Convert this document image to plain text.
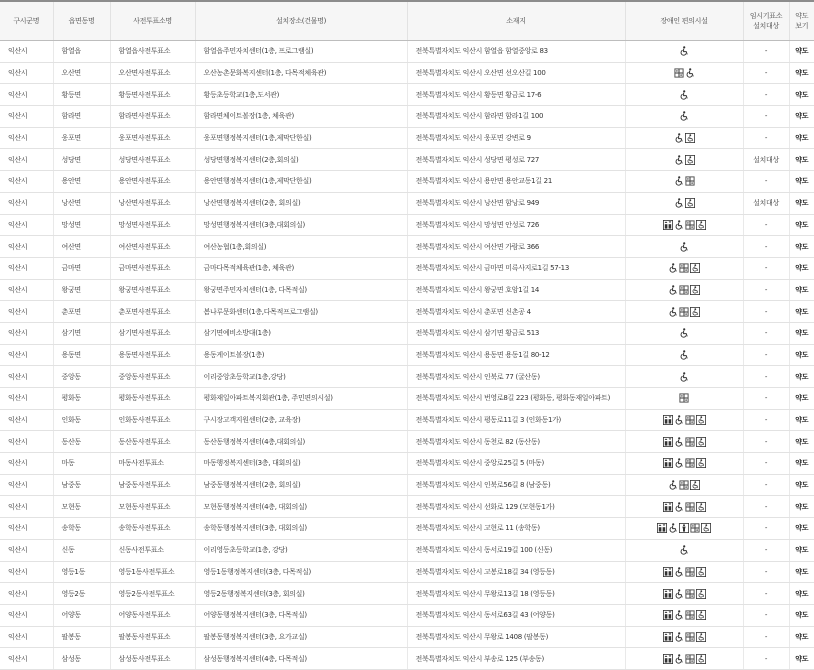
구시군명	읍면동명	사전투표소명	설치장소(건물명)	소재지	장애인 편의시설	임시기표소
설치대상	약도
보기
익산시	함열읍	함열읍사전투표소	함열읍주민자치센터(1층, 프로그램실)	전북특별자치도 익산시 함열읍 함열중앙로 83		-	약도
익산시	오산면	오산면사전투표소	오산농촌문화복지센터(1층, 다목적체육관)	전북특별자치도 익산시 오산면 선오산길 100		-	약도
익산시	황등면	황등면사전투표소	황등초등학교(1층,도서관)	전북특별자치도 익산시 황등면 황금로 17-6		-	약도
익산시	함라면	함라면사전투표소	함라면체이트볼장(1층, 체육관)	전북특별자치도 익산시 함라면 함라1길 100		-	약도
익산시	웅포면	웅포면사전투표소	웅포면행정복지센터(1층,제막단한실)	전북특별자치도 익산시 웅포면 강변로 9		-	약도
익산시	성당면	성당면사전투표소	성당면행정복지센터(2층,회의실)	전북특별자치도 익산시 성당면 평성로 727		설치대상	약도
익산시	용안면	용안면사전투표소	용안면행정복지센터(1층,제막단한실)	전북특별자치도 익산시 용안면 용안교동1길 21		-	약도
익산시	낭산면	낭산면사전투표소	낭산면행정복지센터(2층, 회의실)	전북특별자치도 익산시 낭산면 함낭로 949		설치대상	약도
익산시	망성면	망성면사전투표소	망성면행정복지센터(3층,대회의실)	전북특별자치도 익산시 망성면 안성로 726		-	약도
익산시	여산면	여산면사전투표소	여산농협(1층,회의실)	전북특별자치도 익산시 여산면 가람로 366		-	약도
익산시	금마면	금마면사전투표소	금마다목적체육관(1층, 체육관)	전북특별자치도 익산시 금마면 미륵사지로1길 57-13		-	약도
익산시	왕궁면	왕궁면사전투표소	왕궁면주민자치센터(1층, 다목적실)	전북특별자치도 익산시 왕궁면 호암1길 14		-	약도
익산시	춘포면	춘포면사전투표소	봄나루문화센터(1층,다목적프로그램실)	전북특별자치도 익산시 춘포면 신촌공 4		-	약도
익산시	삼기면	삼기면사전투표소	삼기면예비소방대(1층)	전북특별자치도 익산시 삼기면 황금로 513		-	약도
익산시	용동면	용동면사전투표소	용동게이트볼장(1층)	전북특별자치도 익산시 용동면 용동1길 80-12		-	약도
익산시	중앙동	중앙동사전투표소	이리중앙초등학교(1층,강당)	전북특별자치도 익산시 인북로 77 (굴산동)		-	약도
익산시	평화동	평화동사전투표소	평화재일아파트복지회관(1층, 주민편의시설)	전북특별자치도 익산시 번영로8길 223 (평화동, 평화동재일아파트)		-	약도
익산시	인화동	인화동사전투표소	구시장고객지원센터(2층, 교육장)	전북특별자치도 익산시 평동로11길 3 (인화동1가)		-	약도
익산시	동산동	동산동사전투표소	동산동행정복지센터(4층,대회의실)	전북특별자치도 익산시 동천로 82 (동산동)		-	약도
익산시	마동	마동사전투표소	마동행정복지센터(3층, 대회의실)	전북특별자치도 익산시 중앙로25길 5 (마동)		-	약도
익산시	남중동	남중동사전투표소	남중동행정복지센터(2층, 회의실)	전북특별자치도 익산시 인북로56길 8 (남중동)		-	약도
익산시	모현동	모현동사전투표소	모현동행정복지센터(4층, 대회의실)	전북특별자치도 익산시 선화로 129 (모현동1가)		-	약도
익산시	송학동	송학동사전투표소	송학동행정복지센터(3층, 대회의실)	전북특별자치도 익산시 고현로 11 (송학동)		-	약도
익산시	신동	신동사전투표소	이리영등초등학교(1층, 강당)	전북특별자치도 익산시 동서로19길 100 (신동)		-	약도
익산시	영등1동	영등1동사전투표소	영등1동행정복지센터(3층, 다목적실)	전북특별자치도 익산시 고봉로18길 34 (영등동)		-	약도
익산시	영등2동	영등2동사전투표소	영등2동행정복지센터(3층, 회의실)	전북특별자치도 익산시 무왕로13길 18 (영등동)		-	약도
익산시	어양동	어양동사전투표소	어양동행정복지센터(3층, 다목적실)	전북특별자치도 익산시 동서로63길 43 (어양동)		-	약도
익산시	팔봉동	팔봉동사전투표소	팔봉동행정복지센터(3층, 요가교실)	전북특별자치도 익산시 무왕로 1408 (팔봉동)		-	약도
익산시	삼성동	삼성동사전투표소	삼성동행정복지센터(4층, 다목적실)	전북특별자치도 익산시 부송로 125 (부송동)		-	약도
